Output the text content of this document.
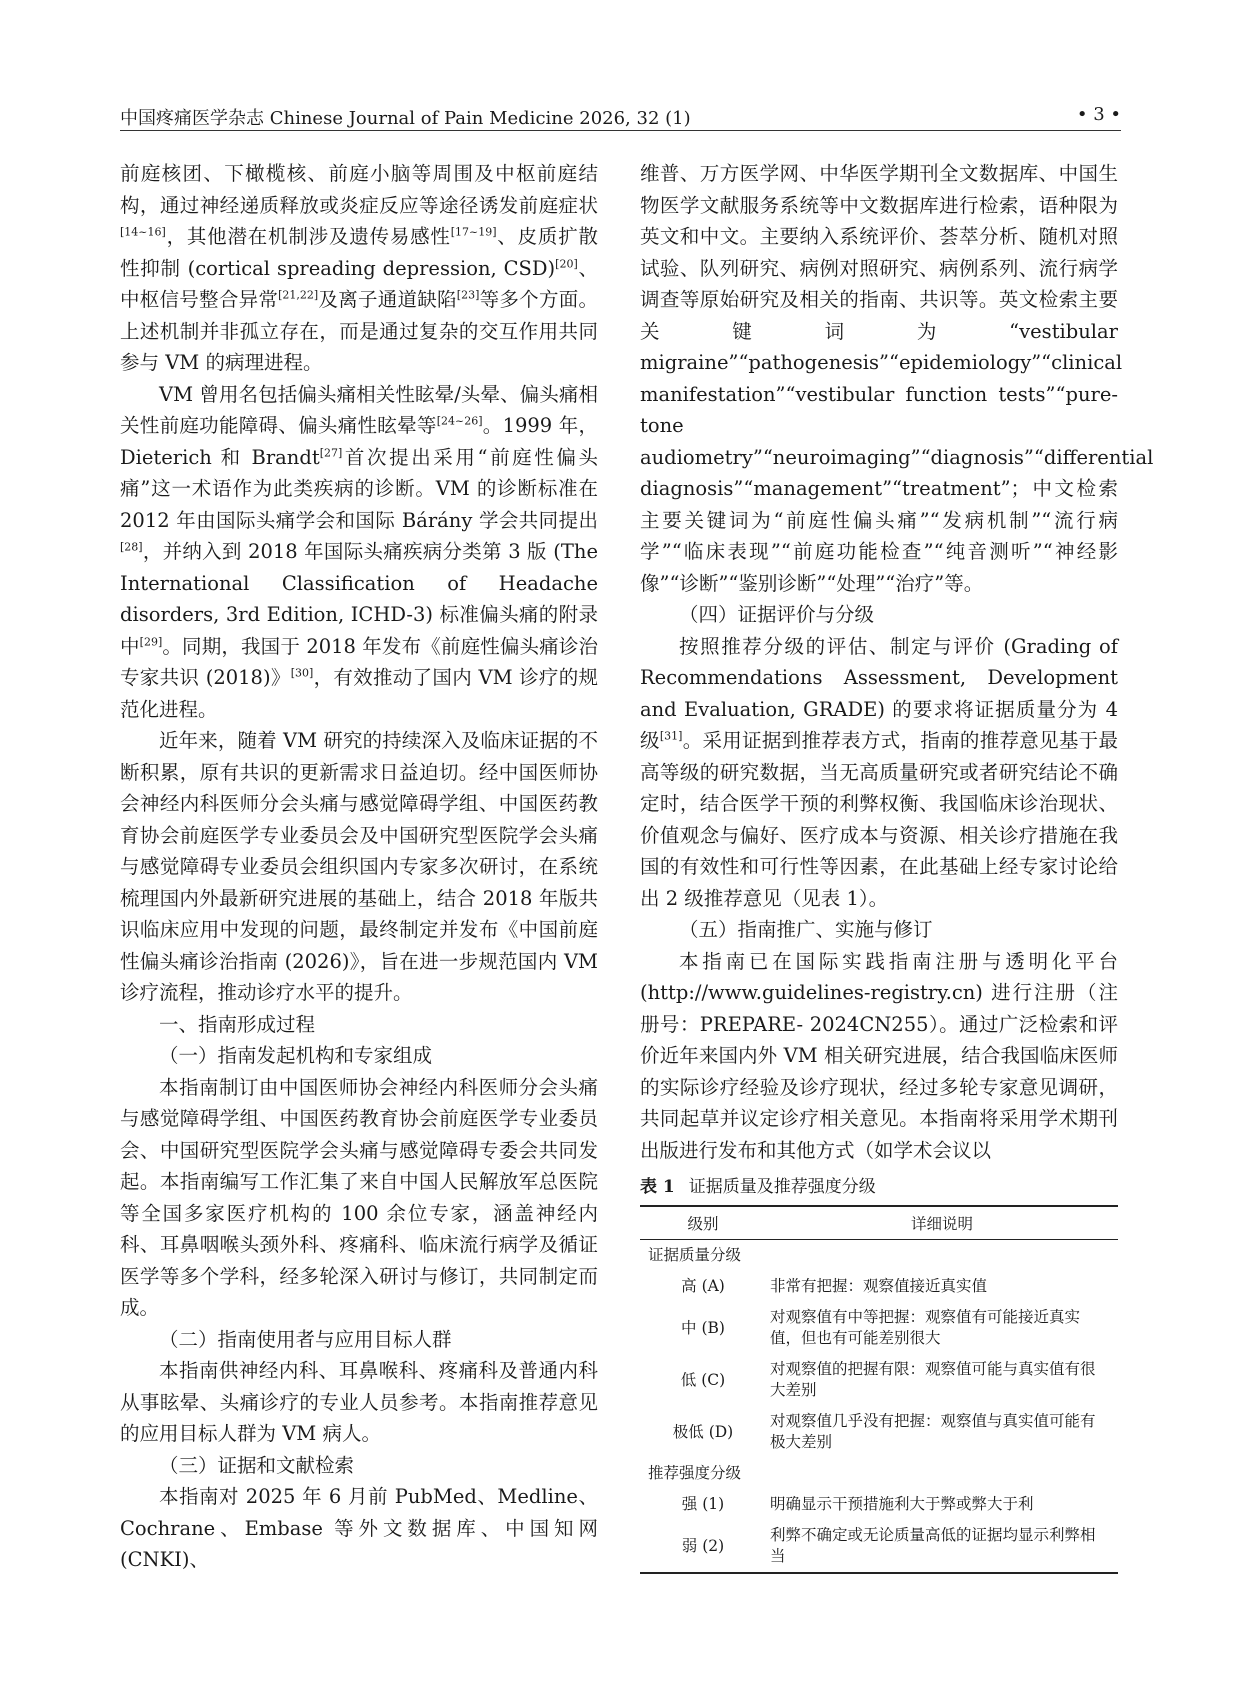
中国疼痛医学杂志 Chinese Journal of Pain Medicine 2026, 32 (1)	• 3 •

前庭核团、下橄榄核、前庭小脑等周围及中枢前庭结构，通过神经递质释放或炎症反应等途径诱发前庭症状[14~16]，其他潜在机制涉及遗传易感性[17~19]、皮质扩散性抑制 (cortical spreading depression, CSD)[20]、中枢信号整合异常[21,22]及离子通道缺陷[23]等多个方面。上述机制并非孤立存在，而是通过复杂的交互作用共同参与 VM 的病理进程。

VM 曾用名包括偏头痛相关性眩晕/头晕、偏头痛相关性前庭功能障碍、偏头痛性眩晕等[24~26]。1999 年，Dieterich 和 Brandt[27]首次提出采用“前庭性偏头痛”这一术语作为此类疾病的诊断。VM 的诊断标准在 2012 年由国际头痛学会和国际 Bárány 学会共同提出[28]，并纳入到 2018 年国际头痛疾病分类第 3 版 (The International Classification of Headache disorders, 3rd Edition, ICHD-3) 标准偏头痛的附录中[29]。同期，我国于 2018 年发布《前庭性偏头痛诊治专家共识 (2018)》[30]，有效推动了国内 VM 诊疗的规范化进程。

近年来，随着 VM 研究的持续深入及临床证据的不断积累，原有共识的更新需求日益迫切。经中国医师协会神经内科医师分会头痛与感觉障碍学组、中国医药教育协会前庭医学专业委员会及中国研究型医院学会头痛与感觉障碍专业委员会组织国内专家多次研讨，在系统梳理国内外最新研究进展的基础上，结合 2018 年版共识临床应用中发现的问题，最终制定并发布《中国前庭性偏头痛诊治指南 (2026)》，旨在进一步规范国内 VM 诊疗流程，推动诊疗水平的提升。

一、指南形成过程

（一）指南发起机构和专家组成

本指南制订由中国医师协会神经内科医师分会头痛与感觉障碍学组、中国医药教育协会前庭医学专业委员会、中国研究型医院学会头痛与感觉障碍专委会共同发起。本指南编写工作汇集了来自中国人民解放军总医院等全国多家医疗机构的 100 余位专家，涵盖神经内科、耳鼻咽喉头颈外科、疼痛科、临床流行病学及循证医学等多个学科，经多轮深入研讨与修订，共同制定而成。

（二）指南使用者与应用目标人群

本指南供神经内科、耳鼻喉科、疼痛科及普通内科从事眩晕、头痛诊疗的专业人员参考。本指南推荐意见的应用目标人群为 VM 病人。

（三）证据和文献检索

本指南对 2025 年 6 月前 PubMed、Medline、Cochrane、Embase 等外文数据库、中国知网 (CNKI)、

维普、万方医学网、中华医学期刊全文数据库、中国生物医学文献服务系统等中文数据库进行检索，语种限为英文和中文。主要纳入系统评价、荟萃分析、随机对照试验、队列研究、病例对照研究、病例系列、流行病学调查等原始研究及相关的指南、共识等。英文检索主要关键词为“vestibular migraine”“pathogenesis”“epidemiology”“clinical manifestation”“vestibular function tests”“pure-tone audiometry”“neuroimaging”“diagnosis”“differential diagnosis”“management”“treatment”；中文检索主要关键词为“前庭性偏头痛”“发病机制”“流行病学”“临床表现”“前庭功能检查”“纯音测听”“神经影像”“诊断”“鉴别诊断”“处理”“治疗”等。

（四）证据评价与分级

按照推荐分级的评估、制定与评价 (Grading of Recommendations Assessment, Development and Evaluation, GRADE) 的要求将证据质量分为 4 级[31]。采用证据到推荐表方式，指南的推荐意见基于最高等级的研究数据，当无高质量研究或者研究结论不确定时，结合医学干预的利弊权衡、我国临床诊治现状、价值观念与偏好、医疗成本与资源、相关诊疗措施在我国的有效性和可行性等因素，在此基础上经专家讨论给出 2 级推荐意见（见表 1）。

（五）指南推广、实施与修订

本指南已在国际实践指南注册与透明化平台 (http://www.guidelines-registry.cn) 进行注册（注册号：PREPARE- 2024CN255）。通过广泛检索和评价近年来国内外 VM 相关研究进展，结合我国临床医师的实际诊疗经验及诊疗现状，经过多轮专家意见调研，共同起草并议定诊疗相关意见。本指南将采用学术期刊出版进行发布和其他方式（如学术会议以

表 1 证据质量及推荐强度分级
级别	详细说明
证据质量分级	
高 (A)	非常有把握：观察值接近真实值
中 (B)	对观察值有中等把握：观察值有可能接近真实值，但也有可能差别很大
低 (C)	对观察值的把握有限：观察值可能与真实值有很大差别
极低 (D)	对观察值几乎没有把握：观察值与真实值可能有极大差别
推荐强度分级	
强 (1)	明确显示干预措施利大于弊或弊大于利
弱 (2)	利弊不确定或无论质量高低的证据均显示利弊相当
